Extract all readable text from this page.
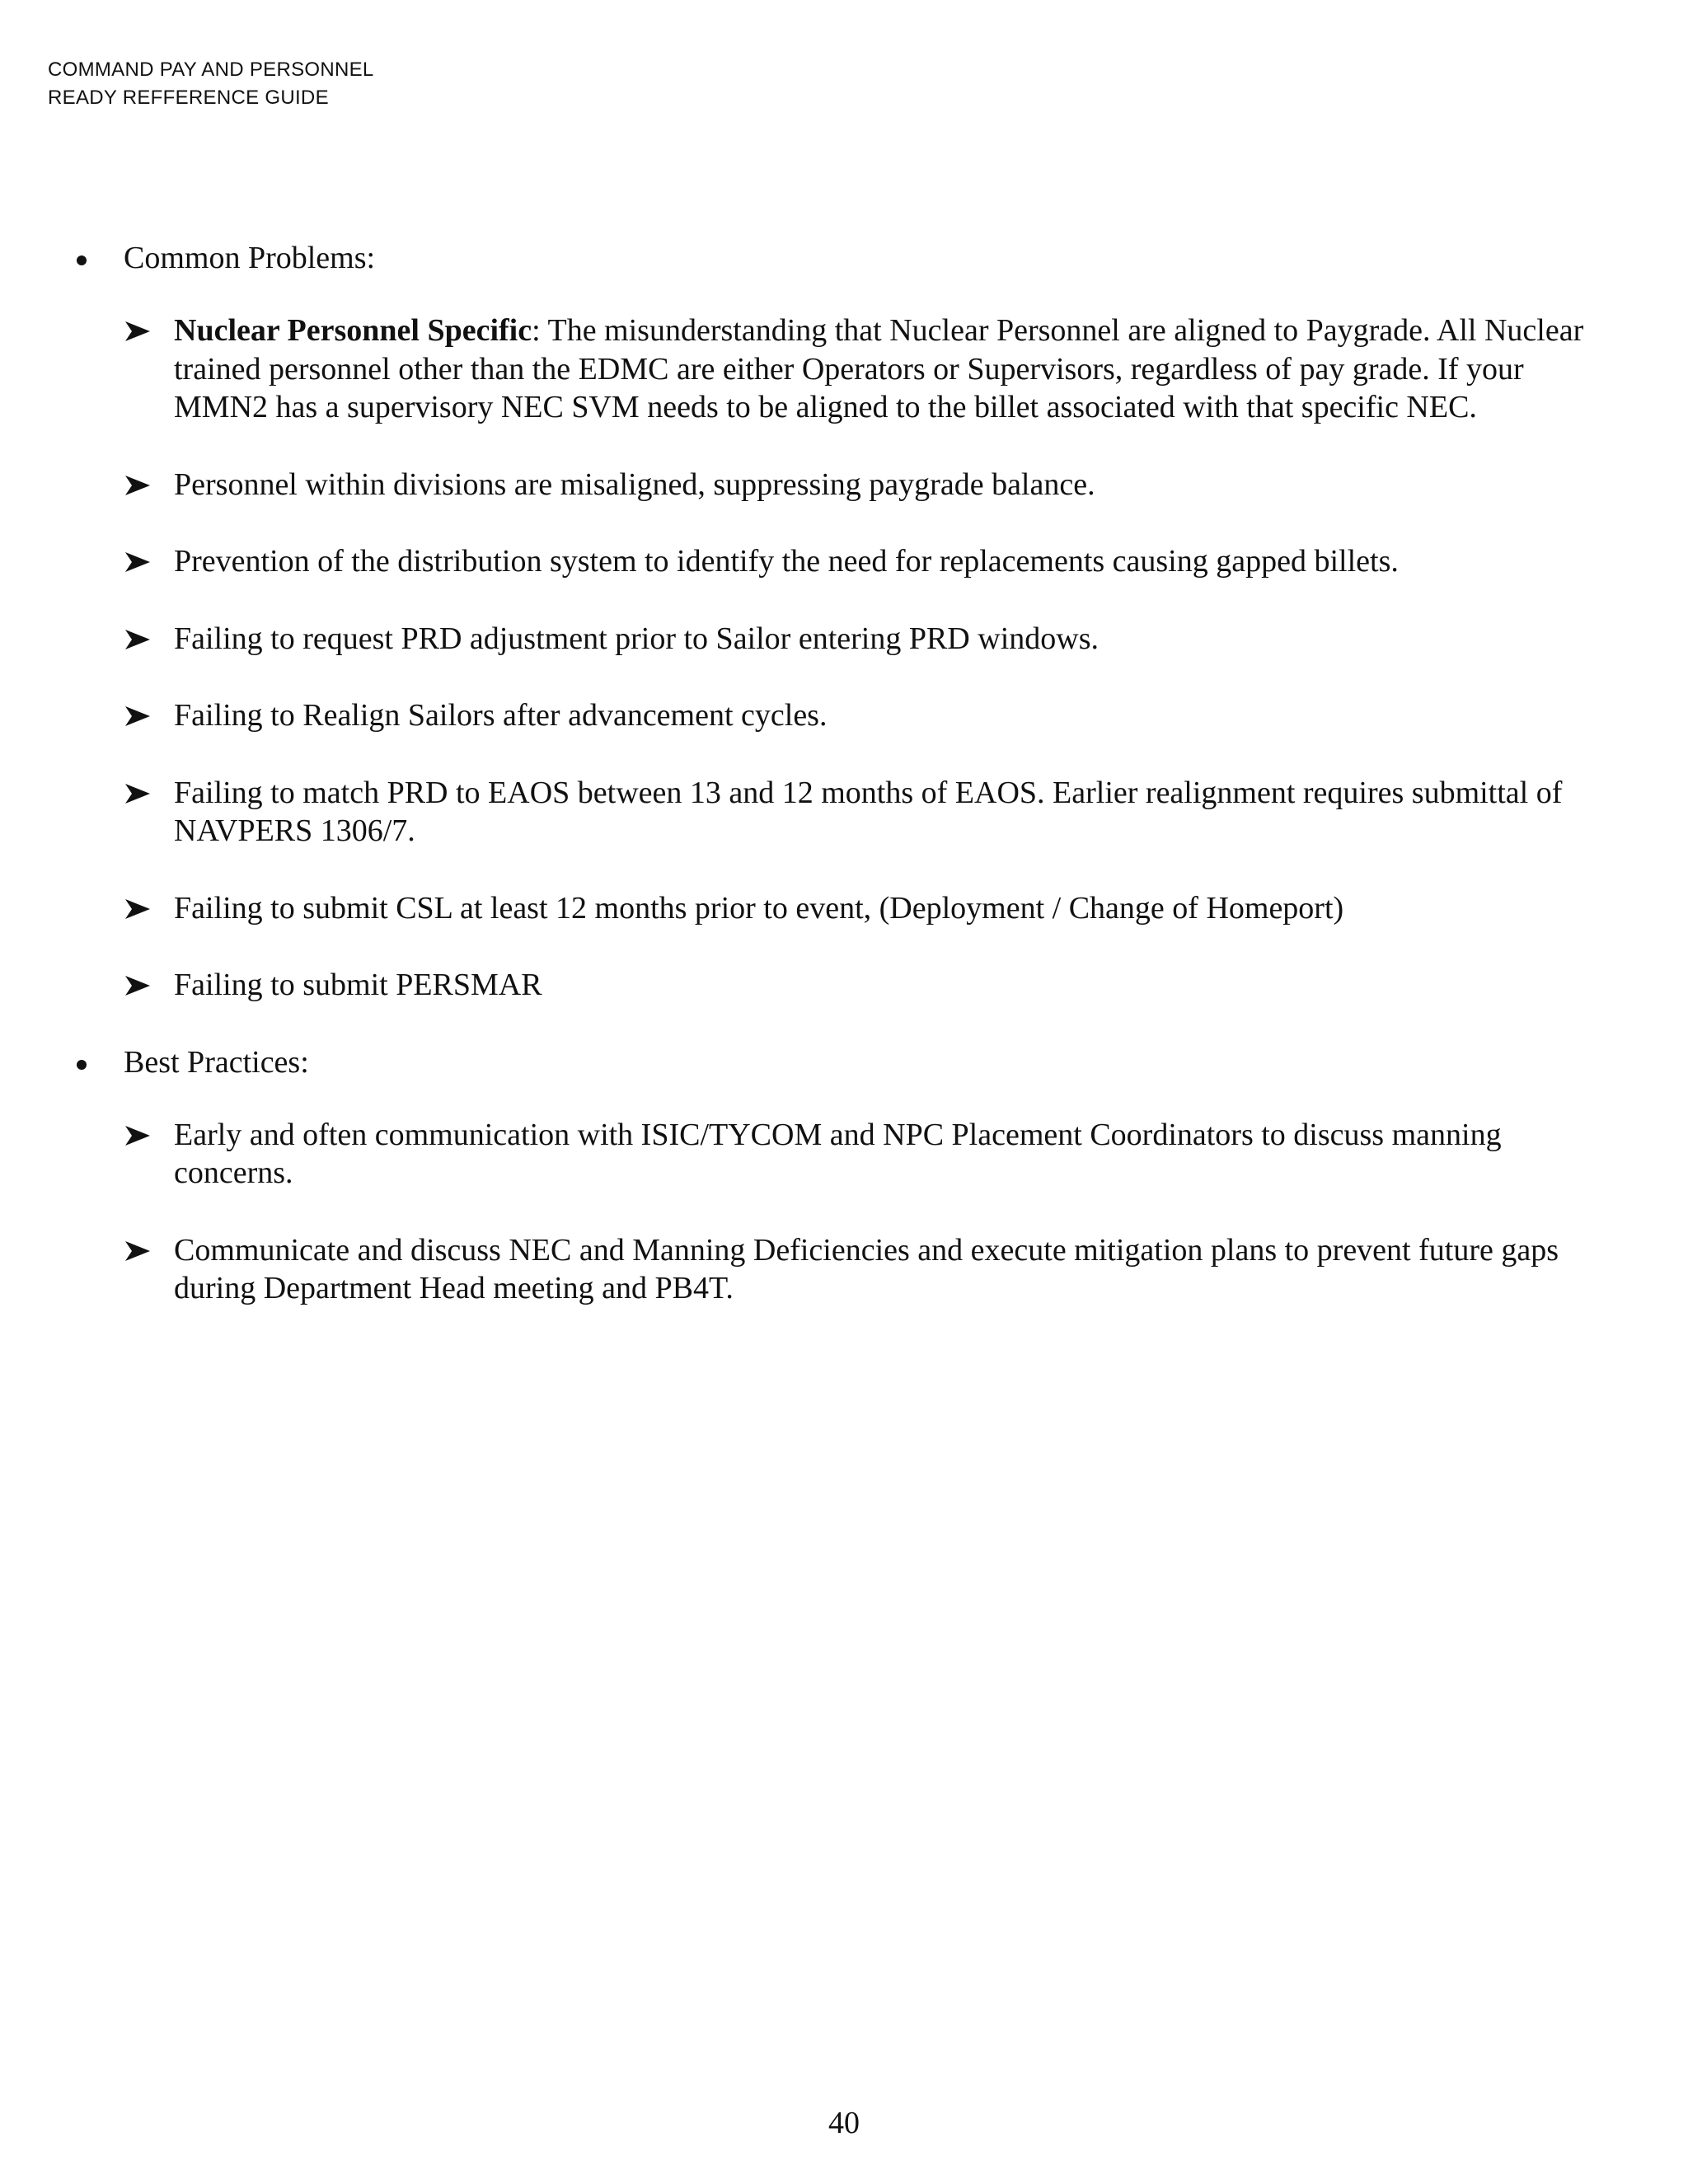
COMMAND PAY AND PERSONNEL
READY REFFERENCE GUIDE
Common Problems:
Nuclear Personnel Specific: The misunderstanding that Nuclear Personnel are aligned to Paygrade. All Nuclear trained personnel other than the EDMC are either Operators or Supervisors, regardless of pay grade. If your MMN2 has a supervisory NEC SVM needs to be aligned to the billet associated with that specific NEC.
Personnel within divisions are misaligned, suppressing paygrade balance.
Prevention of the distribution system to identify the need for replacements causing gapped billets.
Failing to request PRD adjustment prior to Sailor entering PRD windows.
Failing to Realign Sailors after advancement cycles.
Failing to match PRD to EAOS between 13 and 12 months of EAOS. Earlier realignment requires submittal of NAVPERS 1306/7.
Failing to submit CSL at least 12 months prior to event, (Deployment / Change of Homeport)
Failing to submit PERSMAR
Best Practices:
Early and often communication with ISIC/TYCOM and NPC Placement Coordinators to discuss manning concerns.
Communicate and discuss NEC and Manning Deficiencies and execute mitigation plans to prevent future gaps during Department Head meeting and PB4T.
40
